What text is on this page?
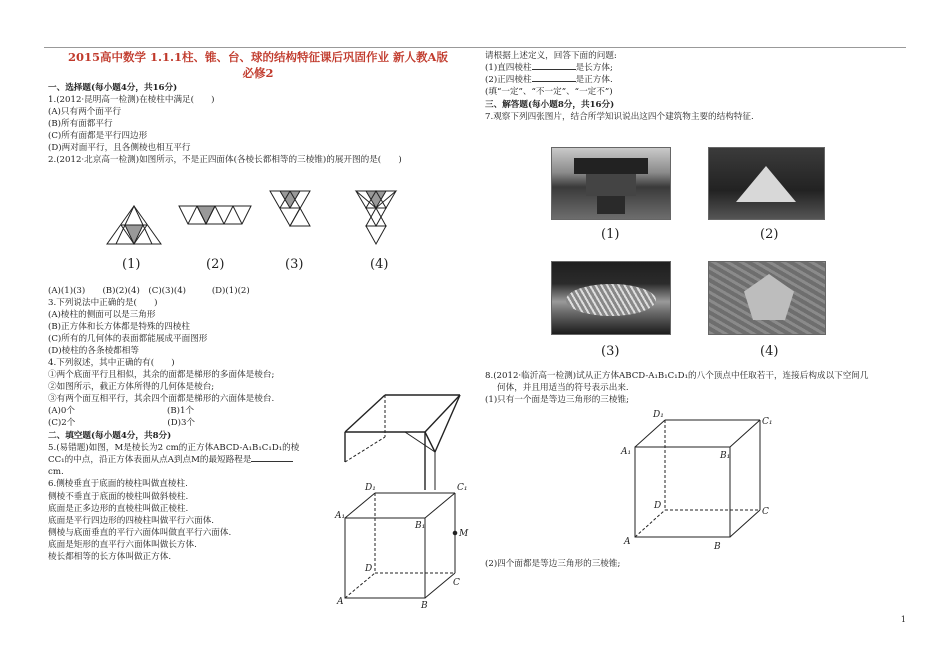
2015高中数学 1.1.1柱、锥、台、球的结构特征课后巩固作业 新人教A版
必修2
一、选择题(每小题4分，共16分)
1.(2012·昆明高一检测)在棱柱中满足(　　)
(A)只有两个面平行
(B)所有面都平行
(C)所有面都是平行四边形
(D)两对面平行，且各侧棱也相互平行
2.(2012·北京高一检测)如图所示，不是正四面体(各棱长都相等的三棱锥)的展开图的是(　　)
(1)	(2)	(3)	(4)
(A)(1)(3)　　(B)(2)(4)　(C)(3)(4)　　　(D)(1)(2)
3.下列说法中正确的是(　　)
(A)棱柱的侧面可以是三角形
(B)正方体和长方体都是特殊的四棱柱
(C)所有的几何体的表面都能展成平面图形
(D)棱柱的各条棱都相等
4.下列叙述，其中正确的有(　　)
①两个底面平行且相似，其余的面都是梯形的多面体是棱台;
②如图所示，截正方体所得的几何体是棱台;
③有两个面互相平行，其余四个面都是梯形的六面体是棱台.
(A)0个	(B)1个
(C)2个	(D)3个
二、填空题(每小题4分，共8分)
5.(易错题)如图，M是棱长为2 cm的正方体ABCD-A₁B₁C₁D₁的棱
CC₁的中点，沿正方体表面从点A到点M的最短路程是
cm.
6.侧棱垂直于底面的棱柱叫做直棱柱.
侧棱不垂直于底面的棱柱叫做斜棱柱.
底面是正多边形的直棱柱叫做正棱柱.
底面是平行四边形的四棱柱叫做平行六面体.
侧棱与底面垂直的平行六面体叫做直平行六面体.
底面是矩形的直平行六面体叫做长方体.
棱长都相等的长方体叫做正方体.
D₁	C₁
A₁
B₁
M
D
C
A	B
请根据上述定义，回答下面的问题:
(1)直四棱柱	是长方体;
(2)正四棱柱	是正方体.
(填“一定”、“不一定”、“一定不”)
三、解答题(每小题8分，共16分)
7.观察下列四张图片，结合所学知识说出这四个建筑物主要的结构特征.
(1)	(2)
(3)	(4)
8.(2012·临沂高一检测)试从正方体ABCD-A₁B₁C₁D₁的八个顶点中任取若干，连接后构成以下空间几
何体，并且用适当的符号表示出来.
(1)只有一个面是等边三角形的三棱锥;
D₁
C₁
A₁	B₁
D
C
A	B
(2)四个面都是等边三角形的三棱锥;
1
